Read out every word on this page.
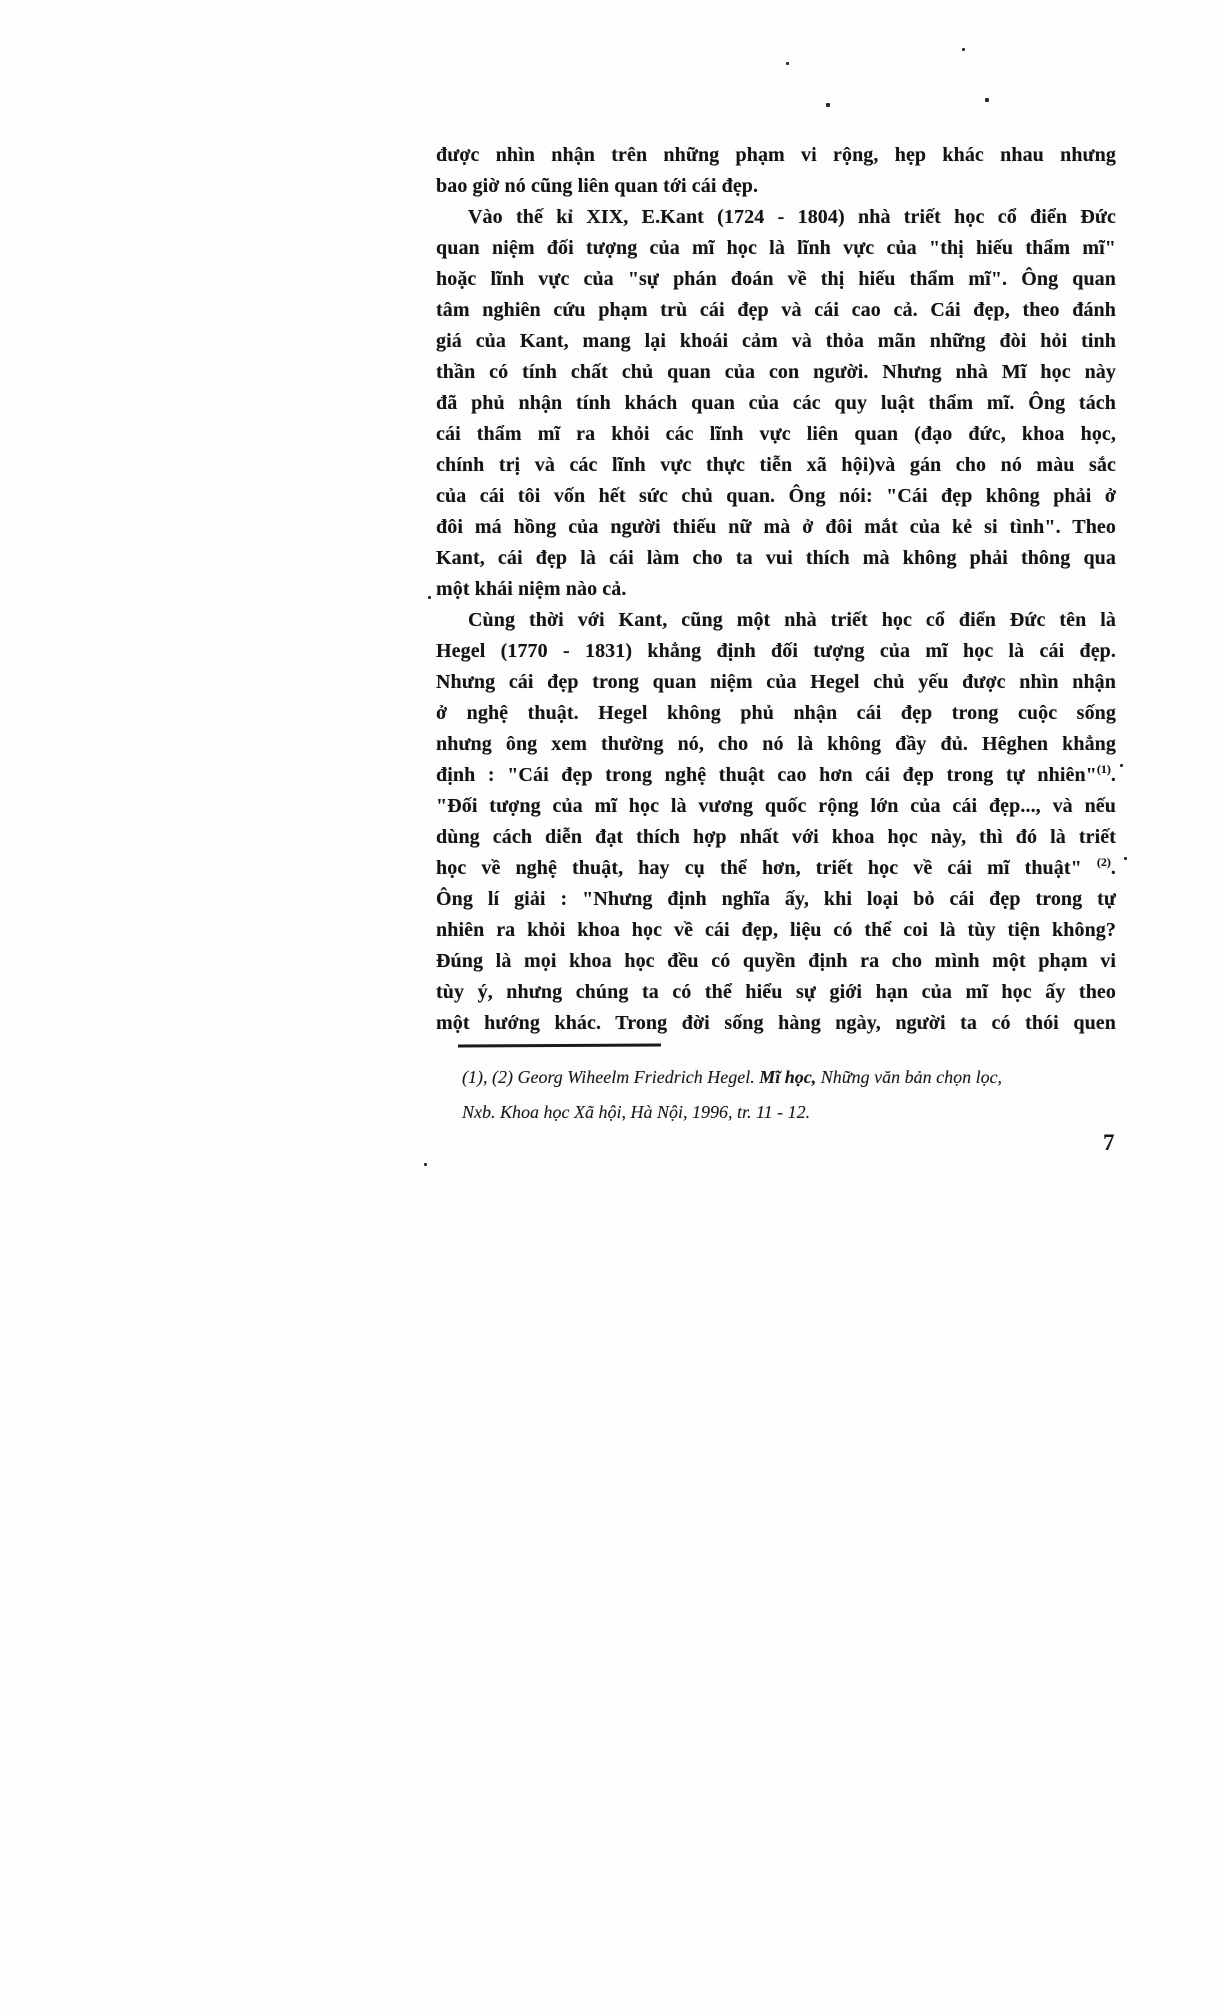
được nhìn nhận trên những phạm vi rộng, hẹp khác nhau nhưng
bao giờ nó cũng liên quan tới cái đẹp.
Vào thế kỉ XIX, E.Kant (1724 - 1804) nhà triết học cổ điển Đức
quan niệm đối tượng của mĩ học là lĩnh vực của "thị hiếu thẩm mĩ"
hoặc lĩnh vực của "sự phán đoán về thị hiếu thẩm mĩ". Ông quan
tâm nghiên cứu phạm trù cái đẹp và cái cao cả. Cái đẹp, theo đánh
giá của Kant, mang lại khoái cảm và thỏa mãn những đòi hỏi tinh
thần có tính chất chủ quan của con người. Nhưng nhà Mĩ học này
đã phủ nhận tính khách quan của các quy luật thẩm mĩ. Ông tách
cái thẩm mĩ ra khỏi các lĩnh vực liên quan (đạo đức, khoa học,
chính trị và các lĩnh vực thực tiễn xã hội)và gán cho nó màu sắc
của cái tôi vốn hết sức chủ quan. Ông nói: "Cái đẹp không phải ở
đôi má hồng của người thiếu nữ mà ở đôi mắt của kẻ si tình". Theo
Kant, cái đẹp là cái làm cho ta vui thích mà không phải thông qua
một khái niệm nào cả.
Cùng thời với Kant, cũng một nhà triết học cổ điển Đức tên là
Hegel (1770 - 1831) khẳng định đối tượng của mĩ học là cái đẹp.
Nhưng cái đẹp trong quan niệm của Hegel chủ yếu được nhìn nhận
ở nghệ thuật. Hegel không phủ nhận cái đẹp trong cuộc sống
nhưng ông xem thường nó, cho nó là không đầy đủ. Hêghen khẳng
định : "Cái đẹp trong nghệ thuật cao hơn cái đẹp trong tự nhiên"$^{(1)}$.
"Đối tượng của mĩ học là vương quốc rộng lớn của cái đẹp..., và nếu
dùng cách diễn đạt thích hợp nhất với khoa học này, thì đó là triết
học về nghệ thuật, hay cụ thể hơn, triết học về cái mĩ thuật" $^{(2)}$.
Ông lí giải : "Nhưng định nghĩa ấy, khi loại bỏ cái đẹp trong tự
nhiên ra khỏi khoa học về cái đẹp, liệu có thể coi là tùy tiện không?
Đúng là mọi khoa học đều có quyền định ra cho mình một phạm vi
tùy ý, nhưng chúng ta có thể hiểu sự giới hạn của mĩ học ấy theo
một hướng khác. Trong đời sống hàng ngày, người ta có thói quen
(1), (2) Georg Wiheelm Friedrich Hegel. Mĩ học, Những văn bản chọn lọc,
Nxb. Khoa học Xã hội, Hà Nội, 1996, tr. 11 - 12.
7
